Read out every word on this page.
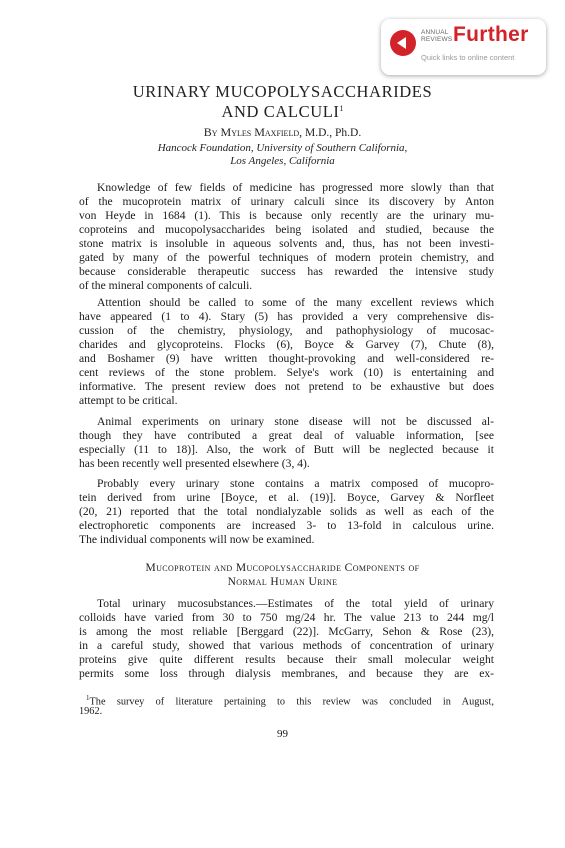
ANNUAL
REVIEWS Further
Quick links to online content
URINARY MUCOPOLYSACCHARIDES
AND CALCULI$^1$
By Myles Maxfield, M.D., Ph.D.
Hancock Foundation, University of Southern California,
Los Angeles, California
Knowledge of few fields of medicine has progressed more slowly than that
of the mucoprotein matrix of urinary calculi since its discovery by Anton
von Heyde in 1684 (1). This is because only recently are the urinary mu-
coproteins and mucopolysaccharides being isolated and studied, because the
stone matrix is insoluble in aqueous solvents and, thus, has not been investi-
gated by many of the powerful techniques of modern protein chemistry, and
because considerable therapeutic success has rewarded the intensive study
of the mineral components of calculi.
Attention should be called to some of the many excellent reviews which
have appeared (1 to 4). Stary (5) has provided a very comprehensive dis-
cussion of the chemistry, physiology, and pathophysiology of mucosac-
charides and glycoproteins. Flocks (6), Boyce & Garvey (7), Chute (8),
and Boshamer (9) have written thought-provoking and well-considered re-
cent reviews of the stone problem. Selye's work (10) is entertaining and
informative. The present review does not pretend to be exhaustive but does
attempt to be critical.
Animal experiments on urinary stone disease will not be discussed al-
though they have contributed a great deal of valuable information, [see
especially (11 to 18)]. Also, the work of Butt will be neglected because it
has been recently well presented elsewhere (3, 4).
Probably every urinary stone contains a matrix composed of mucopro-
tein derived from urine [Boyce, et al. (19)]. Boyce, Garvey & Norfleet
(20, 21) reported that the total nondialyzable solids as well as each of the
electrophoretic components are increased 3- to 13-fold in calculous urine.
The individual components will now be examined.
Mucoprotein and Mucopolysaccharide Components of
Normal Human Urine
Total urinary mucosubstances.—Estimates of the total yield of urinary
colloids have varied from 30 to 750 mg/24 hr. The value 213 to 244 mg/l
is among the most reliable [Berggard (22)]. McGarry, Sehon & Rose (23),
in a careful study, showed that various methods of concentration of urinary
proteins give quite different results because their small molecular weight
permits some loss through dialysis membranes, and because they are ex-
$^1$The survey of literature pertaining to this review was concluded in August,
1962.
99
